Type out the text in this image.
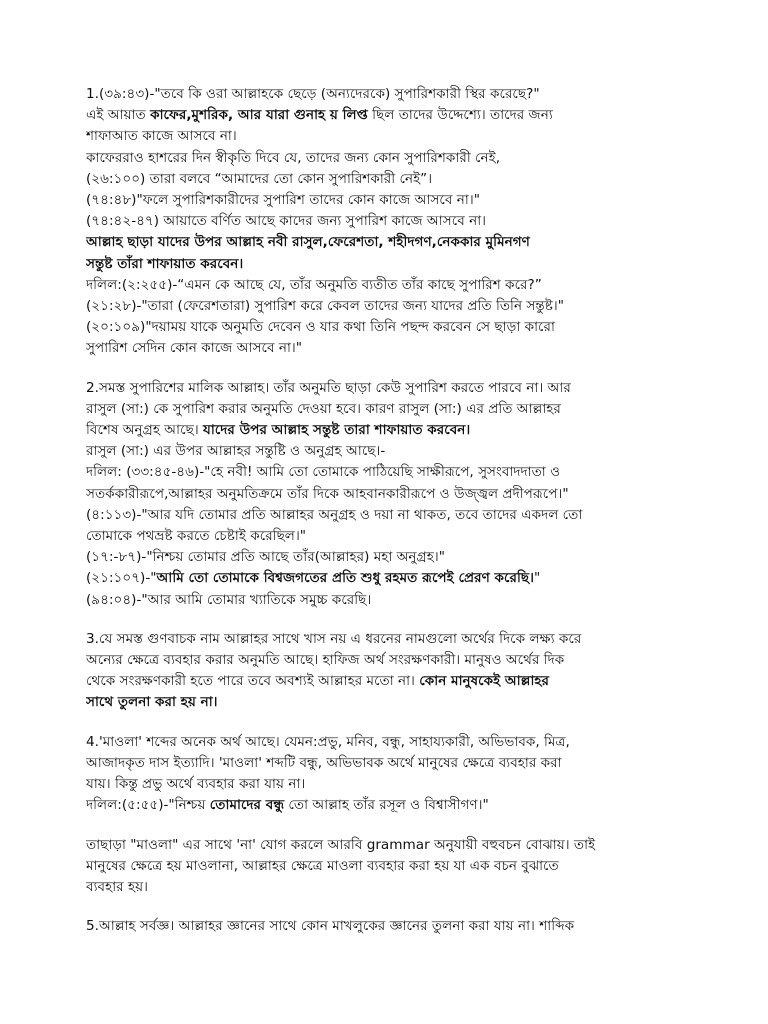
1.(৩৯:৪৩)-"তবে কি ওরা আল্লাহকে ছেড়ে (অন্যদেরকে) সুপারিশকারী স্থির করেছে?"
এই আয়াত কাফের,মুশরিক, আর যারা গুনাহ য় লিপ্ত ছিল তাদের উদ্দেশ্যে। তাদের জন্য
শাফাআত কাজে আসবে না।
কাফেররাও হাশরের দিন স্বীকৃতি দিবে যে, তাদের জন্য কোন সুপারিশকারী নেই,
(২৬:১০০) তারা বলবে “আমাদের তো কোন সুপারিশকারী নেই”।
(৭৪:৪৮)"ফলে সুপারিশকারীদের সুপারিশ তাদের কোন কাজে আসবে না।"
(৭৪:৪২-৪৭) আয়াতে বর্ণিত আছে কাদের জন্য সুপারিশ কাজে আসবে না।
আল্লাহ ছাড়া যাদের উপর আল্লাহ নবী রাসুল,ফেরেশতা, শহীদগণ,নেককার মুমিনগণ
সন্তুষ্ট তাঁরা শাফায়াত করবেন।
দলিল:(২:২৫৫)-“এমন কে আছে যে, তাঁর অনুমতি ব্যতীত তাঁর কাছে সুপারিশ করে?”
(২১:২৮)-"তারা (ফেরেশতারা) সুপারিশ করে কেবল তাদের জন্য যাদের প্রতি তিনি সন্তুষ্ট।"
(২০:১০৯)"দয়াময় যাকে অনুমতি দেবেন ও যার কথা তিনি পছন্দ করবেন সে ছাড়া কারো
সুপারিশ সেদিন কোন কাজে আসবে না।"
2.সমস্ত সুপারিশের মালিক আল্লাহ। তাঁর অনুমতি ছাড়া কেউ সুপারিশ করতে পারবে না। আর
রাসুল (সা:) কে সুপারিশ করার অনুমতি দেওয়া হবে। কারণ রাসুল (সা:) এর প্রতি আল্লাহর
বিশেষ অনুগ্রহ আছে। যাদের উপর আল্লাহ সন্তুষ্ট তারা শাফায়াত করবেন।
রাসুল (সা:) এর উপর আল্লাহর সন্তুষ্টি ও অনুগ্রহ আছে।-
দলিল: (৩৩:৪৫-৪৬)-"হে নবী! আমি তো তোমাকে পাঠিয়েছি সাক্ষীরূপে, সুসংবাদদাতা ও
সতর্ককারীরূপে,আল্লাহর অনুমতিক্রমে তাঁর দিকে আহবানকারীরূপে ও উজ্জ্বল প্রদীপরূপে।"
(৪:১১৩)-"আর যদি তোমার প্রতি আল্লাহর অনুগ্রহ ও দয়া না থাকত, তবে তাদের একদল তো
তোমাকে পথভ্রষ্ট করতে চেষ্টাই করেছিল।"
(১৭:-৮৭)-"নিশ্চয় তোমার প্রতি আছে তাঁর(আল্লাহর) মহা অনুগ্রহ।"
(২১:১০৭)-"আমি তো তোমাকে বিশ্বজগতের প্রতি শুধু রহমত রূপেই প্রেরণ করেছি।"
(৯৪:০৪)-"আর আমি তোমার খ্যাতিকে সমুচ্চ করেছি।
3.যে সমস্ত গুণবাচক নাম আল্লাহর সাথে খাস নয় এ ধরনের নামগুলো অর্থের দিকে লক্ষ্য করে
অন্যের ক্ষেত্রে ব্যবহার করার অনুমতি আছে। হাফিজ অর্থ সংরক্ষণকারী। মানুষও অর্থের দিক
থেকে সংরক্ষণকারী হতে পারে তবে অবশ্যই আল্লাহর মতো না। কোন মানুষকেই আল্লাহর
সাথে তুলনা করা হয় না।
4.'মাওলা' শব্দের অনেক অর্থ আছে। যেমন:প্রভু, মনিব, বন্ধু, সাহায্যকারী, অভিভাবক, মিত্র,
আজাদকৃত দাস ইত্যাদি। 'মাওলা' শব্দটি বন্ধু, অভিভাবক অর্থে মানুষের ক্ষেত্রে ব্যবহার করা
যায়। কিন্তু প্রভু অর্থে ব্যবহার করা যায় না।
দলিল:(৫:৫৫)-"নিশ্চয় তোমাদের বন্ধু তো আল্লাহ তাঁর রসূল ও বিশ্বাসীগণ।"
তাছাড়া "মাওলা" এর সাথে 'না' যোগ করলে আরবি grammar অনুযায়ী বহুবচন বোঝায়। তাই
মানুষের ক্ষেত্রে হয় মাওলানা, আল্লাহর ক্ষেত্রে মাওলা ব্যবহার করা হয় যা এক বচন বুঝাতে
ব্যবহার হয়।
5.আল্লাহ সর্বজ্ঞ। আল্লাহর জ্ঞানের সাথে কোন মাখলুকের জ্ঞানের তুলনা করা যায় না। শাব্দিক
